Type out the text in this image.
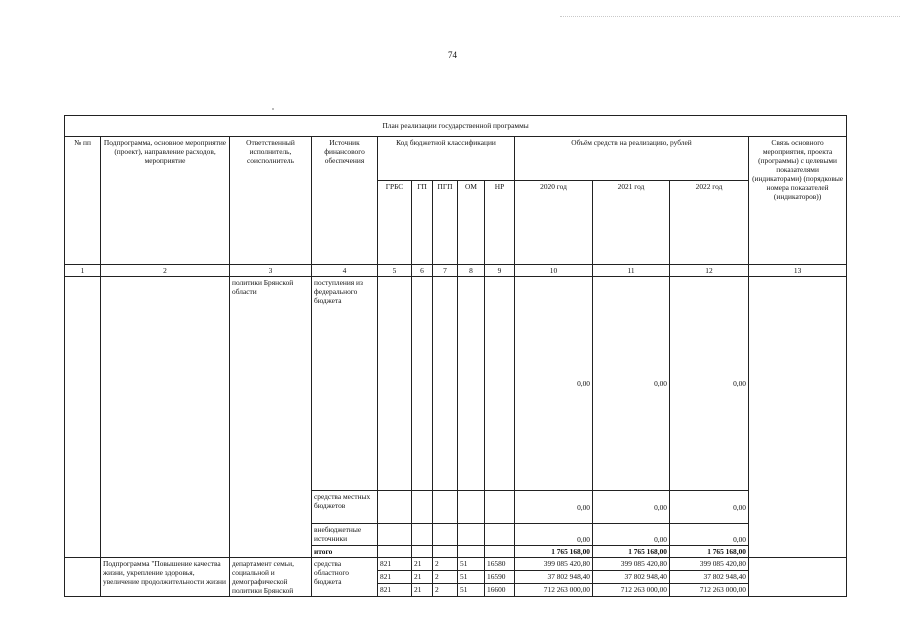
74
План реализации государственной программы												
№ пп	Подпрограмма, основное мероприятие (проект), направление расходов, мероприятие	Ответственный исполнитель, соисполнитель	Источник финансового обеспечения	Код бюджетной классификации					Объём средств на реализацию, рублей			Связь основного мероприятия, проекта (программы) с целевыми показателями (индикаторами) (порядковые номера показателей (индикаторов))
				ГРБС	ГП	ПГП	ОМ	НР	2020 год	2021 год	2022 год	
1	2	3	4	5	6	7	8	9	10	11	12	13
		политики Брянской области	поступления из федерального бюджета						0,00	0,00	0,00	
			средства местных бюджетов						0,00	0,00	0,00	
			внебюджетные источники						0,00	0,00	0,00	
			итого						1 765 168,00	1 765 168,00	1 765 168,00	
	Подпрограмма "Повышение качества жизни, укрепление здоровья, увеличение продолжительности жизни	департамент семьи, социальной и демографической политики Брянской	средства областного бюджета	821	21	2	51	16580	399 085 420,80	399 085 420,80	399 085 420,80	
				821	21	2	51	16590	37 802 948,40	37 802 948,40	37 802 948,40	
				821	21	2	51	16600	712 263 000,00	712 263 000,00	712 263 000,00	
